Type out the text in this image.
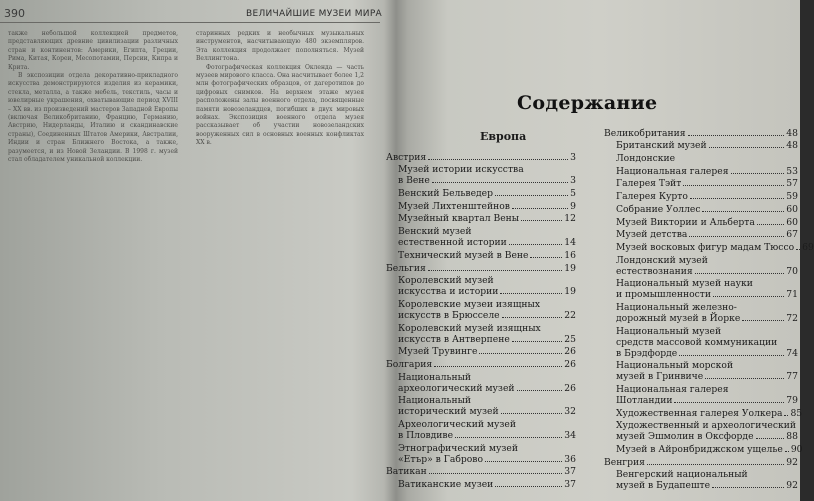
390	ВЕЛИЧАЙШИЕ МУЗЕИ МИРА

также небольшой коллекцией предметов, представляющих древние цивилизации различных стран и континентов: Америки, Египта, Греции, Рима, Китая, Кореи, Месопотамии, Персии, Кипра и Крита.

В экспозиции отдела декоративно-прикладного искусства демонстрируются изделия из керамики, стекла, металла, а также мебель, текстиль, часы и ювелирные украшения, охватывающие период XVIII – XX вв. из произведений мастеров Западной Европы (включая Великобританию, Францию, Германию, Австрию, Нидерланды, Италию и скандинавские страны), Соединенных Штатов Америки, Австралии, Индии и стран Ближнего Востока, а также, разумеется, и из Новой Зеландии. В 1998 г. музей стал обладателем уникальной коллекции.

старинных редких и необычных музыкальных инструментов, насчитывающую 480 экземпляров. Эта коллекция продолжает пополняться. Музей Веллингтона.

Фотографическая коллекция Окленда — часть музеев мирового класса. Она насчитывает более 1,2 млн фотографических образцов, от дагеротипов до цифровых снимков. На верхнем этаже музея расположены залы военного отдела, посвященные памяти новозеландцев, погибших в двух мировых войнах. Экспозиция военного отдела музея рассказывает об участии новозеландских вооруженных сил в основных военных конфликтах XX в.

Содержание
Европа
Австрия	3
Музей истории искусства
в Вене	3
Венский Бельведер	5
Музей Лихтенштейнов	9
Музейный квартал Вены	12
Венский музей
естественной истории	14
Технический музей в Вене	16
Бельгия	19
Королевский музей
искусства и истории	19
Королевские музеи изящных
искусств в Брюсселе	22
Королевский музей изящных
искусств в Антверпене	25
Музей Трувинге	26
Болгария	26
Национальный
археологический музей	26
Национальный
исторический музей	32
Археологический музей
в Пловдиве	34
Этнографический музей
«Етър» в Габрово	36
Ватикан	37
Ватиканские музеи	37
Великобритания	48
Британский музей	48
Лондонские
Национальная галерея	53
Галерея Тэйт	57
Галерея Курто	59
Собрание Уоллес	60
Музей Виктории и Альберта	60
Музей детства	67
Музей восковых фигур мадам Тюссо 69
Лондонский музей
естествознания	70
Национальный музей науки
и промышленности	71
Национальный железно-
дорожный музей в Йорке	72
Национальный музей
средств массовой коммуникации
в Брэдфорде	74
Национальный морской
музей в Гринвиче	77
Национальная галерея
Шотландии	79
Художественная галерея Уолкера 85
Художественный и археологический
музей Эшмолин в Оксфорде	88
Музей в Айронбриджском ущелье 90
Венгрия	92
Венгерский национальный
музей в Будапеште	92
